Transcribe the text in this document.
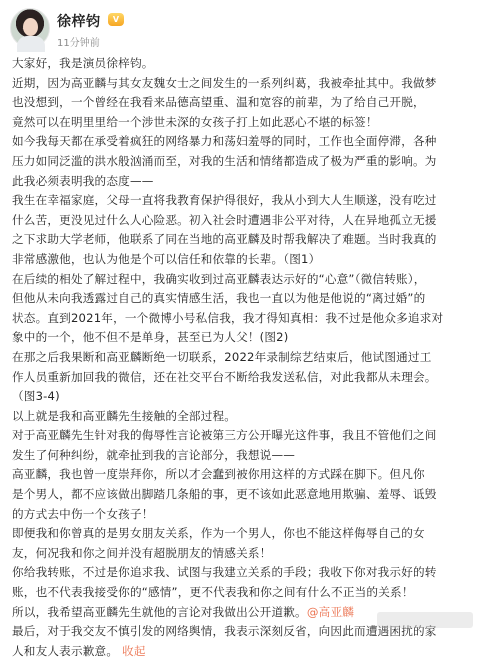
徐梓钧	V
11分钟前
大家好，我是演员徐梓钧。
近期，因为高亚麟与其女友魏女士之间发生的一系列纠葛，我被牵扯其中。我做梦
也没想到，一个曾经在我看来品德高望重、温和宽容的前辈，为了给自己开脱，
竟然可以在明里里给一个涉世未深的女孩子打上如此恶心不堪的标签！
如今我每天都在承受着疯狂的网络暴力和荡妇羞辱的同时，工作也全面停滞，各种
压力如同泛滥的洪水般汹涌而至，对我的生活和情绪都造成了极为严重的影响。为
此我必须表明我的态度——
我生在幸福家庭，父母一直将我教育保护得很好，我从小到大人生顺遂，没有吃过
什么苦，更没见过什么人心险恶。初入社会时遭遇非公平对待，人在异地孤立无援
之下求助大学老师，他联系了同在当地的高亚麟及时帮我解决了难题。当时我真的
非常感激他，也认为他是个可以信任和依靠的长辈。（图1）
在后续的相处了解过程中，我确实收到过高亚麟表达示好的“心意”（微信转账），
但他从未向我透露过自己的真实情感生活，我也一直以为他是他说的“离过婚”的
状态。直到2021年，一个微博小号私信我，我才得知真相：我不过是他众多追求对
象中的一个，他不但不是单身，甚至已为人父！(图2)
在那之后我果断和高亚麟断绝一切联系，2022年录制综艺结束后，他试图通过工
作人员重新加回我的微信，还在社交平台不断给我发送私信，对此我都从未理会。
（图3-4)
以上就是我和高亚麟先生接触的全部过程。
对于高亚麟先生针对我的侮辱性言论被第三方公开曝光这件事，我且不管他们之间
发生了何种纠纷，就牵扯到我的言论部分，我想说——
高亚麟，我也曾一度崇拜你，所以才会蠢到被你用这样的方式踩在脚下。但凡你
是个男人，都不应该做出脚踏几条船的事，更不该如此恶意地用欺骗、羞辱、诋毁
的方式去中伤一个女孩子！
即便我和你曾真的是男女朋友关系，作为一个男人，你也不能这样侮辱自己的女
友，何况我和你之间并没有超脱朋友的情感关系！
你给我转账，不过是你追求我、试图与我建立关系的手段；我收下你对我示好的转
账，也不代表我接受你的“感情”，更不代表我和你之间有什么不正当的关系！
所以，我希望高亚麟先生就他的言论对我做出公开道歉。@高亚麟
最后，对于我交友不慎引发的网络舆情，我表示深刻反省，向因此而遭遇困扰的家
人和友人表示歉意。 收起
